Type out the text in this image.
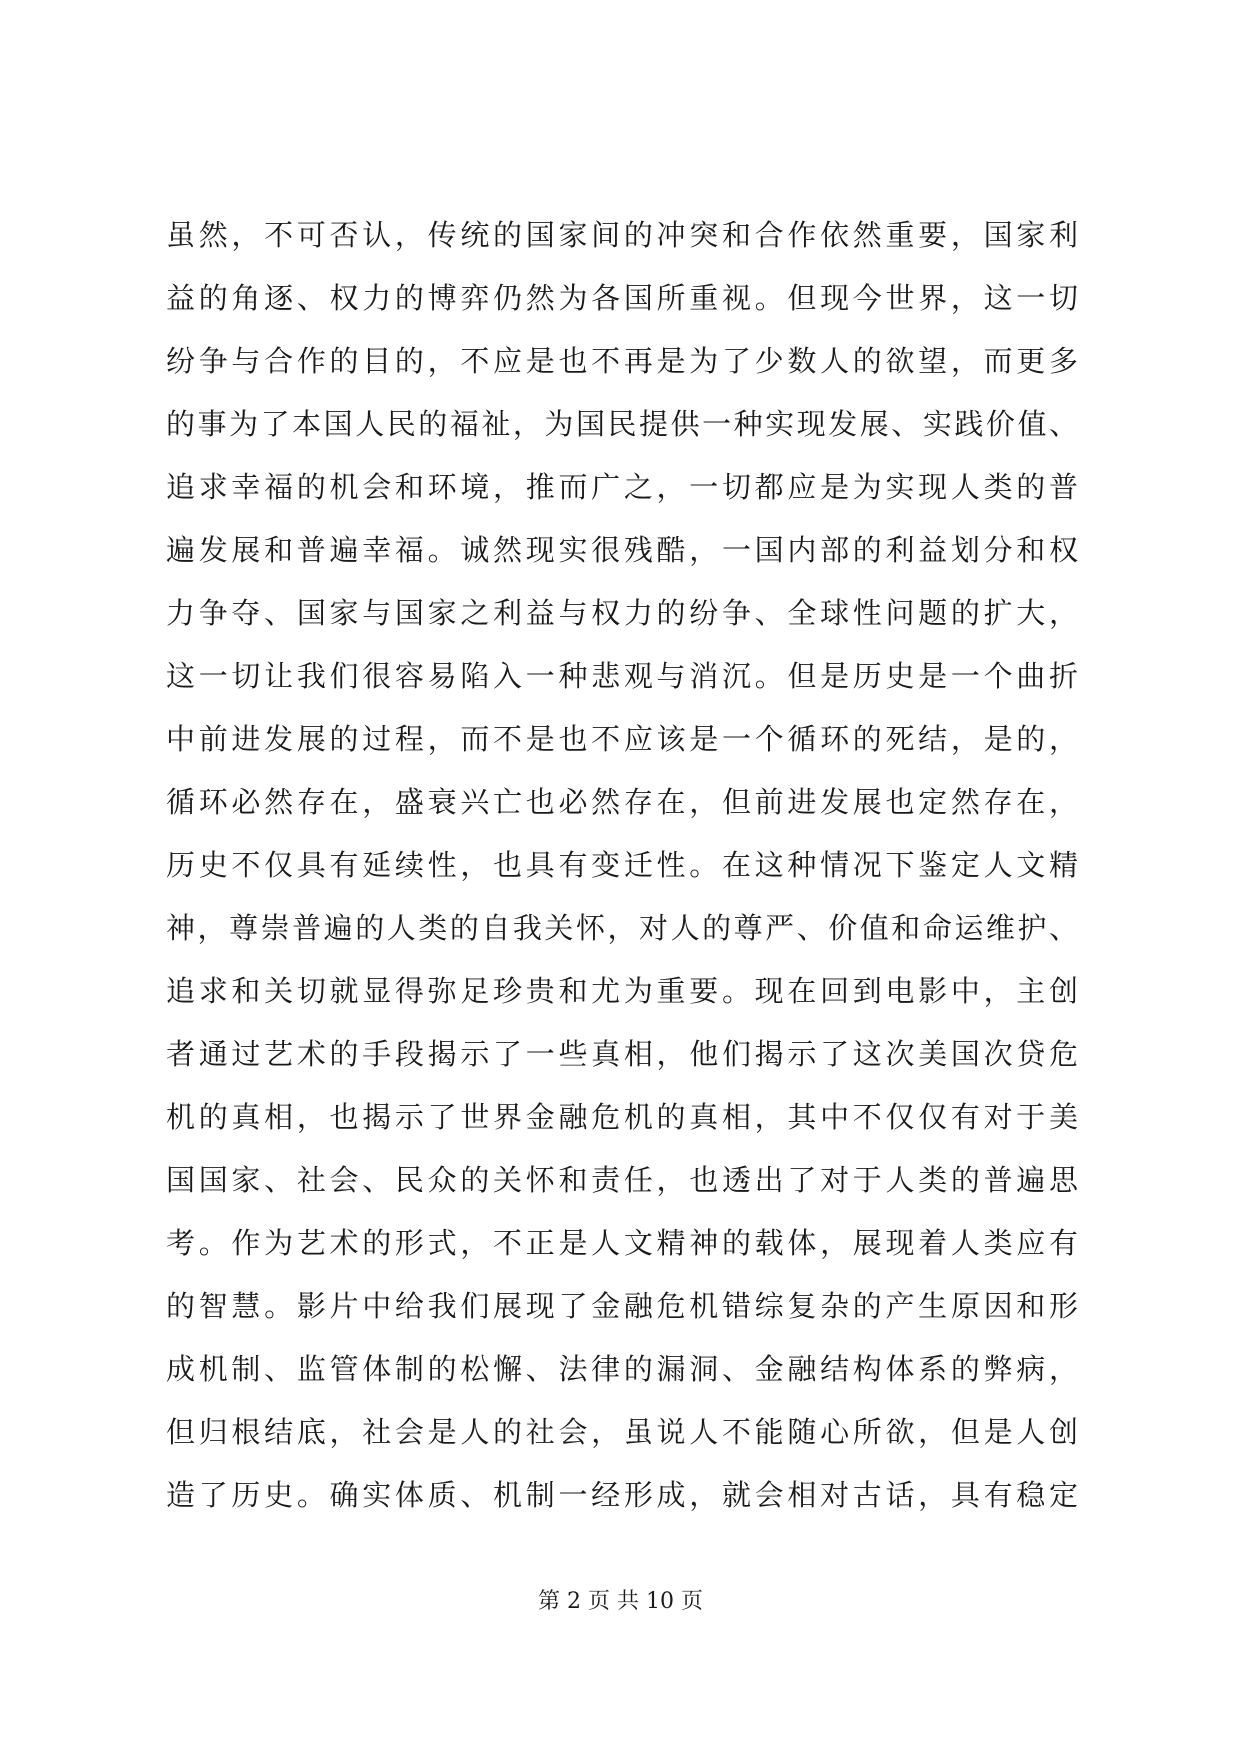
虽然，不可否认，传统的国家间的冲突和合作依然重要，国家利
益的角逐、权力的博弈仍然为各国所重视。但现今世界，这一切
纷争与合作的目的，不应是也不再是为了少数人的欲望，而更多
的事为了本国人民的福祉，为国民提供一种实现发展、实践价值、
追求幸福的机会和环境，推而广之，一切都应是为实现人类的普
遍发展和普遍幸福。诚然现实很残酷，一国内部的利益划分和权
力争夺、国家与国家之利益与权力的纷争、全球性问题的扩大，
这一切让我们很容易陷入一种悲观与消沉。但是历史是一个曲折
中前进发展的过程，而不是也不应该是一个循环的死结，是的，
循环必然存在，盛衰兴亡也必然存在，但前进发展也定然存在，
历史不仅具有延续性，也具有变迁性。在这种情况下鉴定人文精
神，尊崇普遍的人类的自我关怀，对人的尊严、价值和命运维护、
追求和关切就显得弥足珍贵和尤为重要。现在回到电影中，主创
者通过艺术的手段揭示了一些真相，他们揭示了这次美国次贷危
机的真相，也揭示了世界金融危机的真相，其中不仅仅有对于美
国国家、社会、民众的关怀和责任，也透出了对于人类的普遍思
考。作为艺术的形式，不正是人文精神的载体，展现着人类应有
的智慧。影片中给我们展现了金融危机错综复杂的产生原因和形
成机制、监管体制的松懈、法律的漏洞、金融结构体系的弊病，
但归根结底，社会是人的社会，虽说人不能随心所欲，但是人创
造了历史。确实体质、机制一经形成，就会相对古话，具有稳定
第 2 页 共 10 页
